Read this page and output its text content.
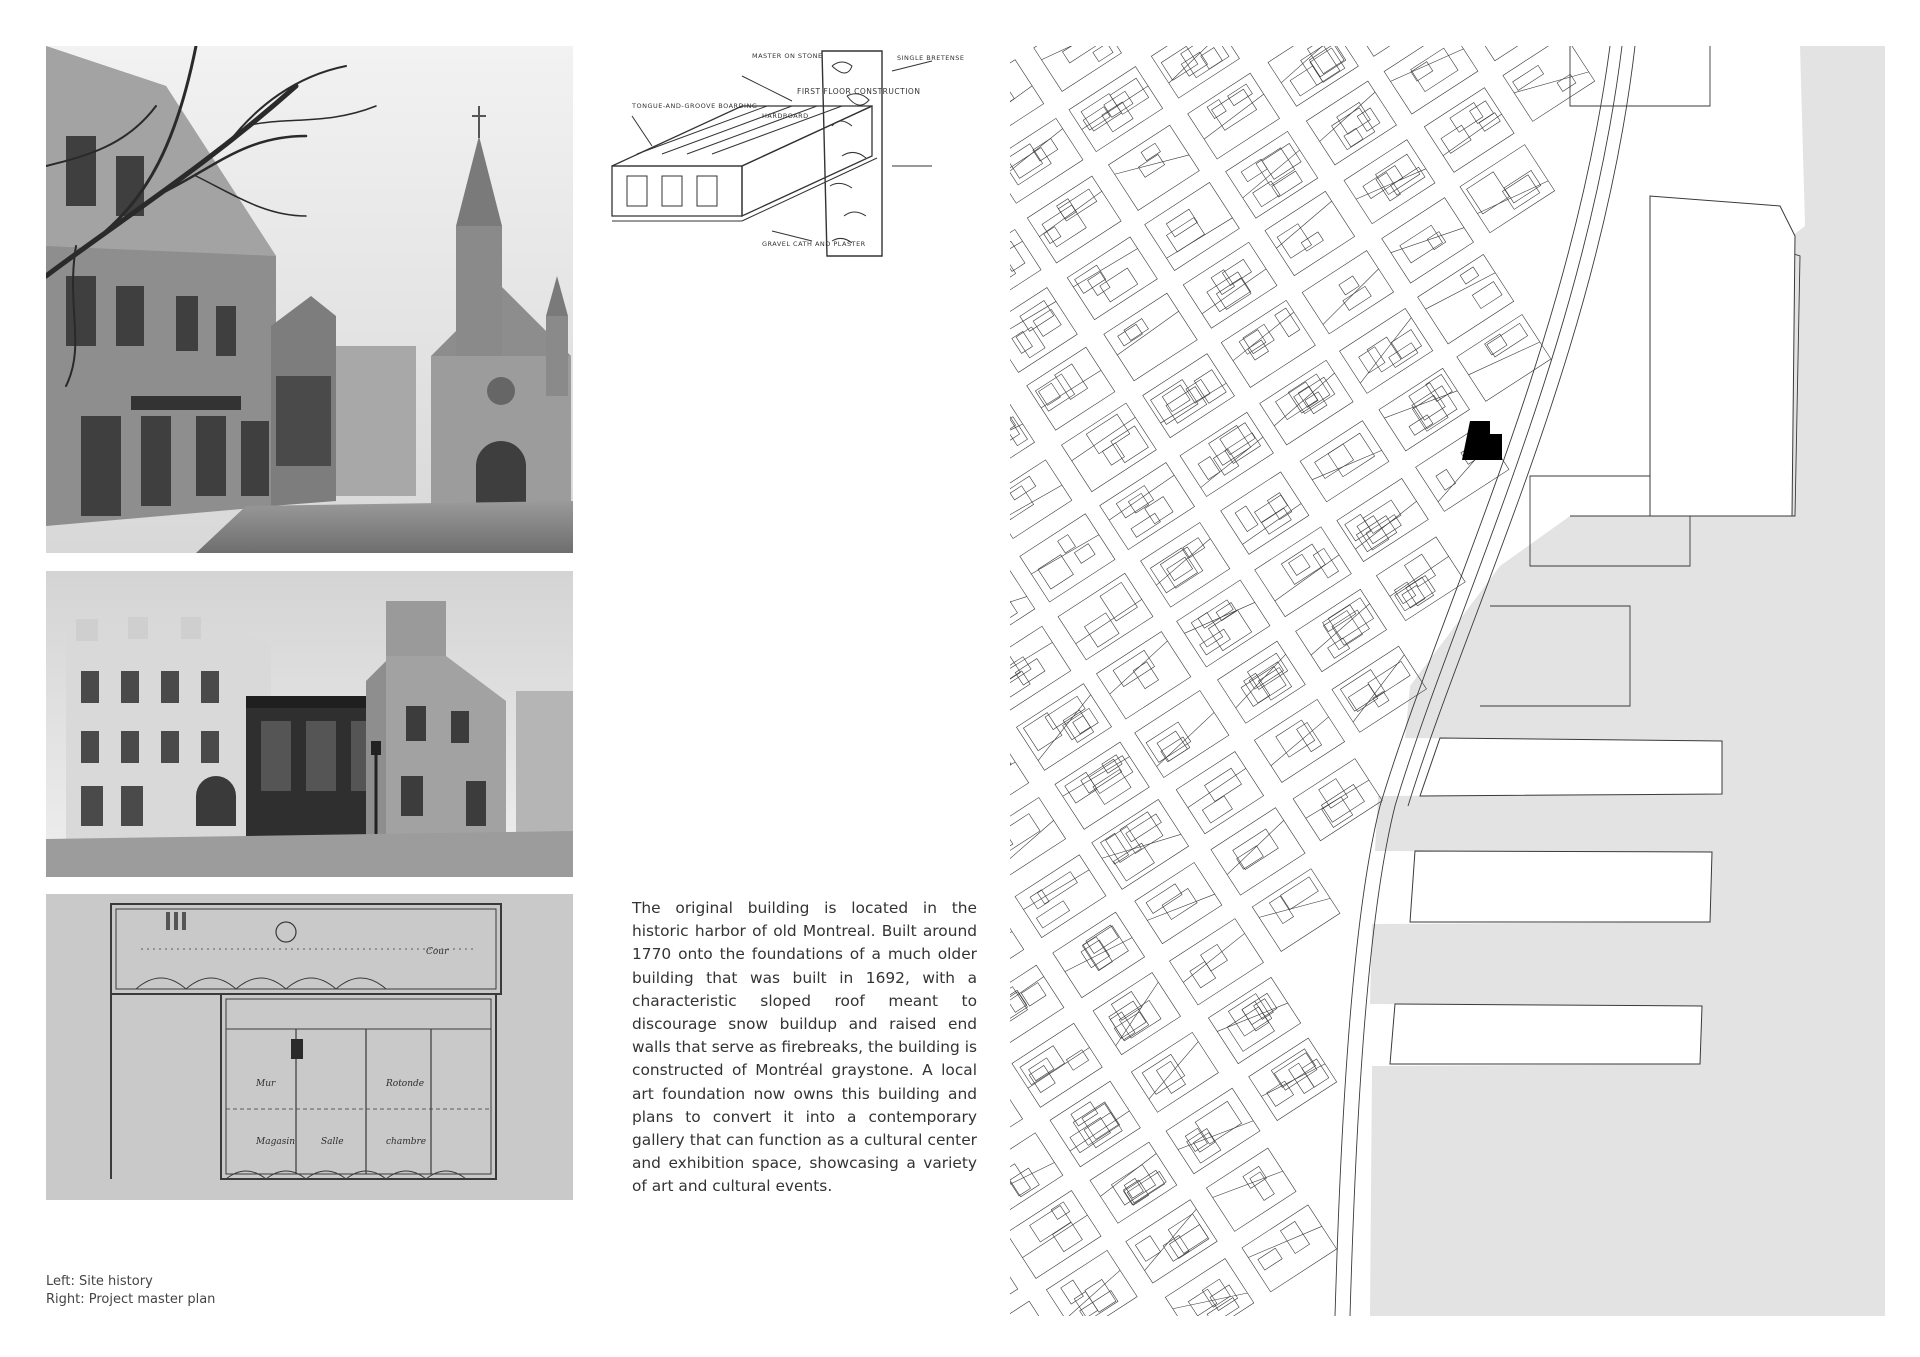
Magasin	Salle	chambre
Mur	Rotonde
Cour
MASTER ON STONE	SINGLE BRETENSE
FIRST FLOOR CONSTRUCTION
TONGUE-AND-GROOVE BOARDING
HARDBOARD
GRAVEL CATH AND PLASTER

The original building is located in the historic harbor of old Montreal. Built around 1770 onto the foundations of a much older building that was built in 1692, with a characteristic sloped roof meant to discourage snow buildup and raised end walls that serve as firebreaks, the building is constructed of Montréal graystone. A local art foundation now owns this building and plans to convert it into a contemporary gallery that can function as a cultural center and exhibition space, showcasing a variety of art and cultural events.

Left: Site history
Right: Project master plan
